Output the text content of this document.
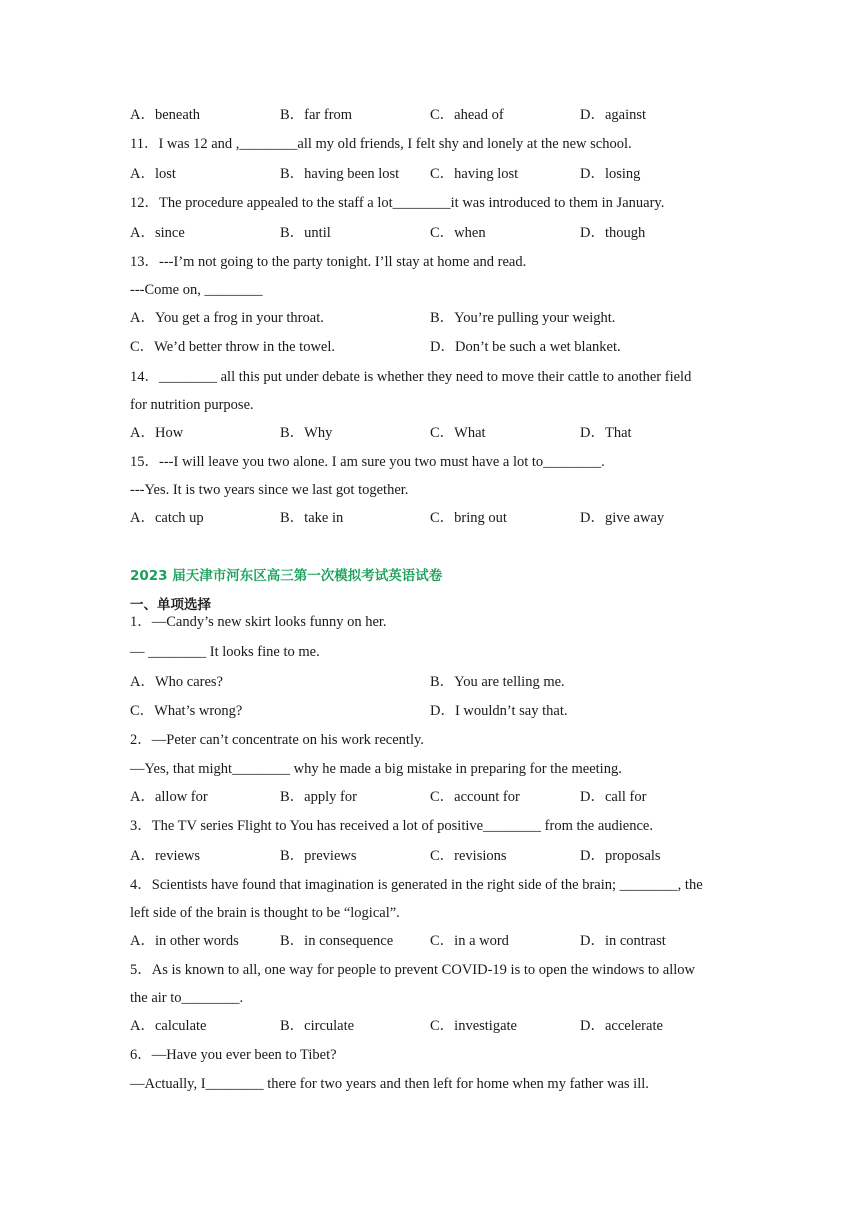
A．beneath	B．far from	C．ahead of	D．against
11．I was 12 and ,________all my old friends, I felt shy and lonely at the new school.
A．lost	B．having been lost C．having lost	D．losing
12．The procedure appealed to the staff a lot________it was introduced to them in January.
A．since	B．until	C．when	D．though
13．---I’m not going to the party tonight. I’ll stay at home and read.
---Come on, ________
A．You get a frog in your throat.	B．You’re pulling your weight.
C．We’d better throw in the towel.	D．Don’t be such a wet blanket.
14．________ all this put under debate is whether they need to move their cattle to another field
for nutrition purpose.
A．How	B．Why	C．What	D．That
15．---I will leave you two alone. I am sure you two must have a lot to________.
---Yes. It is two years since we last got together.
A．catch up	B．take in	C．bring out	D．give away
2023 届天津市河东区高三第一次模拟考试英语试卷
一、单项选择
1．—Candy’s new skirt looks funny on her.
— ________ It looks fine to me.
A．Who cares?	B．You are telling me.
C．What’s wrong?	D．I wouldn’t say that.
2．—Peter can’t concentrate on his work recently.
—Yes, that might________ why he made a big mistake in preparing for the meeting.
A．allow for	B．apply for	C．account for	D．call for
3．The TV series Flight to You has received a lot of positive________ from the audience.
A．reviews	B．previews	C．revisions	D．proposals
4．Scientists have found that imagination is generated in the right side of the brain; ________, the
left side of the brain is thought to be “logical”.
A．in other words	B．in consequence	C．in a word	D．in contrast
5．As is known to all, one way for people to prevent COVID-19 is to open the windows to allow
the air to________.
A．calculate	B．circulate	C．investigate	D．accelerate
6．—Have you ever been to Tibet?
—Actually, I________ there for two years and then left for home when my father was ill.
